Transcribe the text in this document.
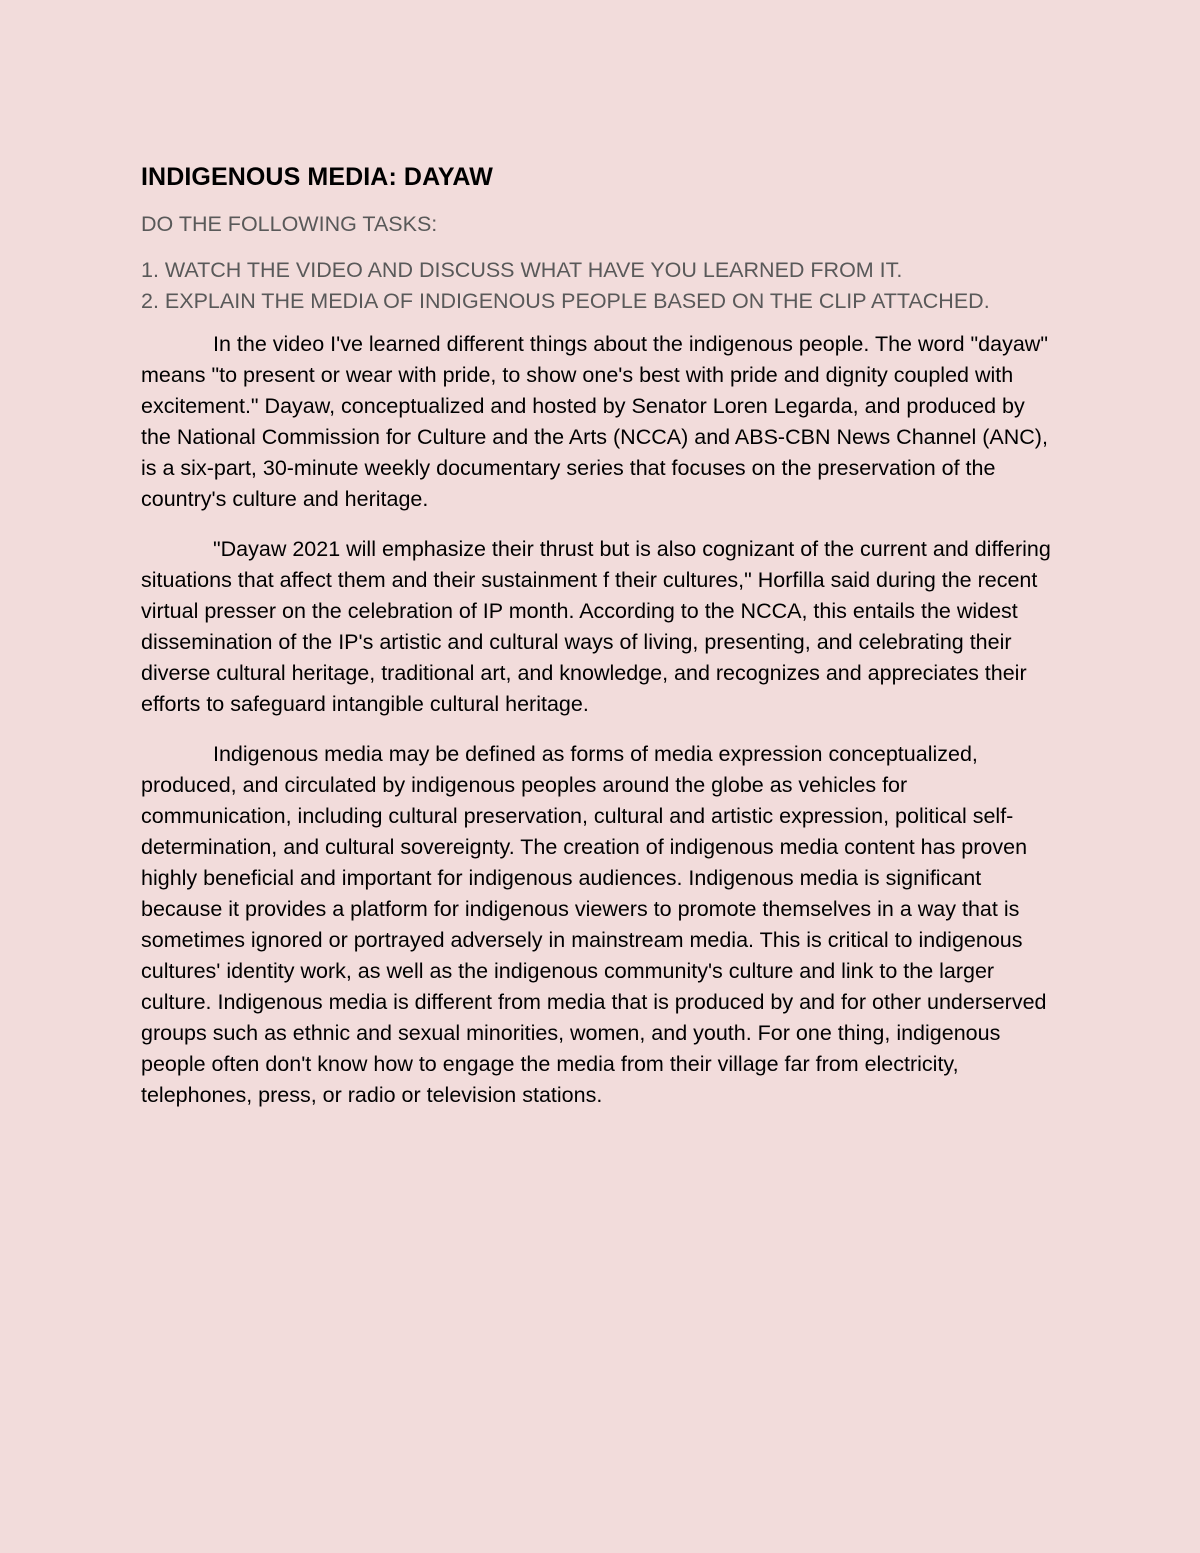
INDIGENOUS MEDIA: DAYAW
DO THE FOLLOWING TASKS:
1. WATCH THE VIDEO AND DISCUSS WHAT HAVE YOU LEARNED FROM IT.
2. EXPLAIN THE MEDIA OF INDIGENOUS PEOPLE BASED ON THE CLIP ATTACHED.

In the video I've learned different things about the indigenous people. The word "dayaw" means "to present or wear with pride, to show one's best with pride and dignity coupled with excitement." Dayaw, conceptualized and hosted by Senator Loren Legarda, and produced by the National Commission for Culture and the Arts (NCCA) and ABS-CBN News Channel (ANC), is a six-part, 30-minute weekly documentary series that focuses on the preservation of the country's culture and heritage.

"Dayaw 2021 will emphasize their thrust but is also cognizant of the current and differing situations that affect them and their sustainment f their cultures," Horfilla said during the recent virtual presser on the celebration of IP month. According to the NCCA, this entails the widest dissemination of the IP's artistic and cultural ways of living, presenting, and celebrating their diverse cultural heritage, traditional art, and knowledge, and recognizes and appreciates their efforts to safeguard intangible cultural heritage.

Indigenous media may be defined as forms of media expression conceptualized, produced, and circulated by indigenous peoples around the globe as vehicles for communication, including cultural preservation, cultural and artistic expression, political self-determination, and cultural sovereignty. The creation of indigenous media content has proven highly beneficial and important for indigenous audiences. Indigenous media is significant because it provides a platform for indigenous viewers to promote themselves in a way that is sometimes ignored or portrayed adversely in mainstream media. This is critical to indigenous cultures' identity work, as well as the indigenous community's culture and link to the larger culture. Indigenous media is different from media that is produced by and for other underserved groups such as ethnic and sexual minorities, women, and youth. For one thing, indigenous people often don't know how to engage the media from their village far from electricity, telephones, press, or radio or television stations.
